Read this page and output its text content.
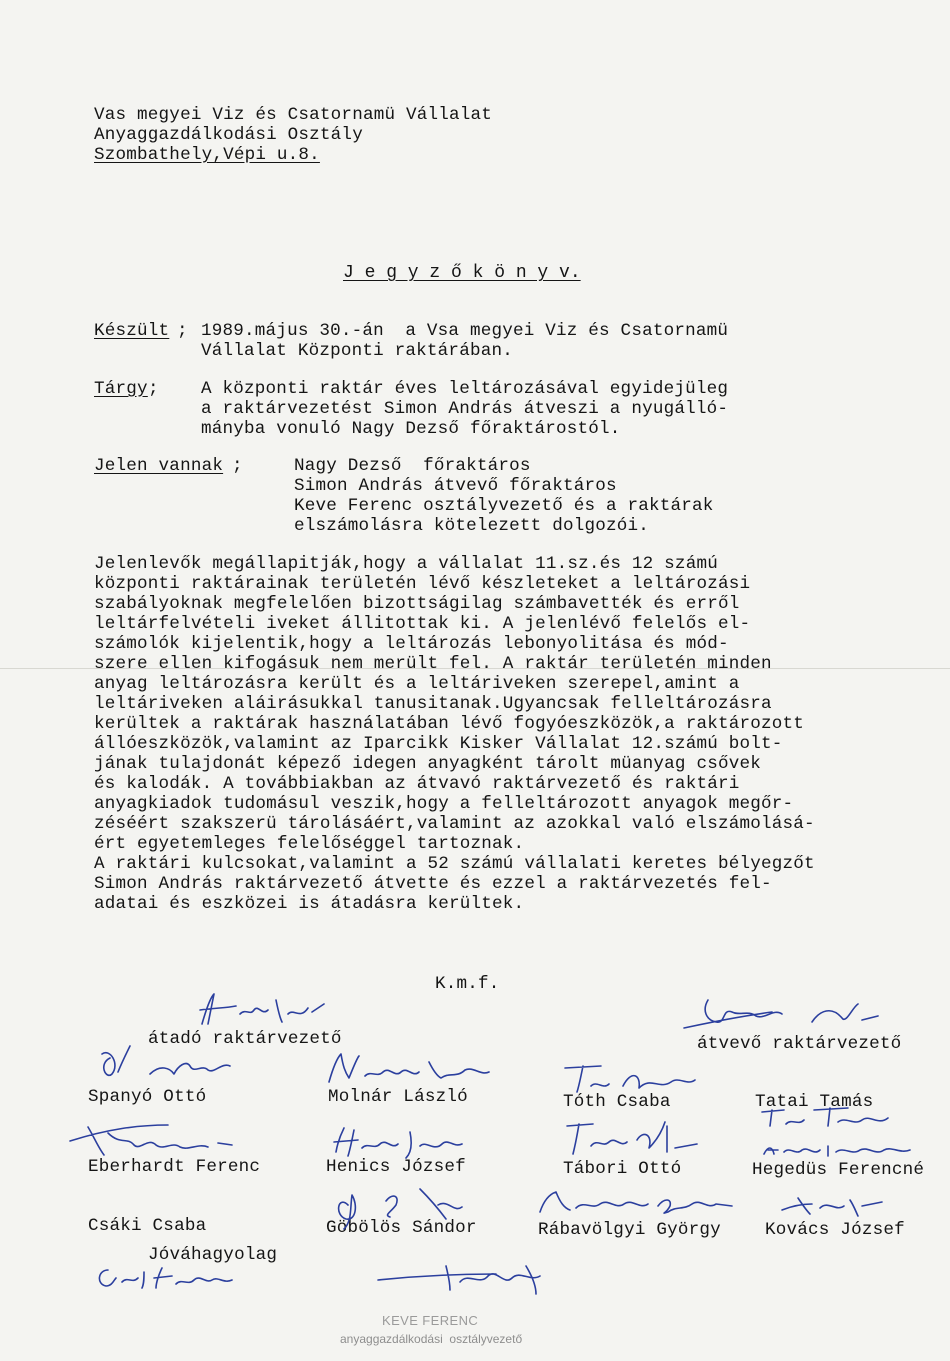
Vas megyei Viz és Csatornamü Vállalat
Anyaggazdálkodási Osztály
Szombathely,Vépi u.8.
J e g y z ő k ö n y v.
Készült ; 1989.május 30.-án  a Vsa megyei Viz és Csatornamü
Vállalat Központi raktárában.
Tárgy ; A központi raktár éves leltározásával egyidejüleg
a raktárvezetést Simon András átveszi a nyugálló-
mányba vonuló Nagy Dezső főraktárostól.
Jelen vannak ;	Nagy Dezső  főraktáros
Simon András átvevő főraktáros
Keve Ferenc osztályvezető és a raktárak
elszámolásra kötelezett dolgozói.
Jelenlevők megállapitják,hogy a vállalat 11.sz.és 12 számú
központi raktárainak területén lévő készleteket a leltározási
szabályoknak megfelelően bizottságilag számbavették és erről
leltárfelvételi iveket állitottak ki. A jelenlévő felelős el-
számolók kijelentik,hogy a leltározás lebonyolitása és mód-
szere ellen kifogásuk nem merült fel. A raktár területén minden
anyag leltározásra került és a leltáriveken szerepel,amint a
leltáriveken aláirásukkal tanusitanak.Ugyancsak felleltározásra
kerültek a raktárak használatában lévő fogyóeszközök,a raktározott
állóeszközök,valamint az Iparcikk Kisker Vállalat 12.számú bolt-
jának tulajdonát képező idegen anyagként tárolt müanyag csővek
és kalodák. A továbbiakban az átvavó raktárvezető és raktári
anyagkiadok tudomásul veszik,hogy a felleltározott anyagok megőr-
zéséért szakszerü tárolásáért,valamint az azokkal való elszámolásá-
ért egyetemleges felelőséggel tartoznak.
A raktári kulcsokat,valamint a 52 számú vállalati keretes bélyegzőt
Simon András raktárvezető átvette és ezzel a raktárvezetés fel-
adatai és eszközei is átadásra kerültek.
K.m.f.
átadó raktárvezető	átvevő raktárvezető
Spanyó Ottó	Molnár László	Tóth Csaba	Tatai Tamás
Eberhardt Ferenc	Henics József	Tábori Ottó	Hegedüs Ferencné
Csáki Csaba	Göbölös Sándor	Rábavölgyi György	Kovács József
Jóváhagyolag
KEVE FERENC
anyaggazdálkodási  osztályvezető
